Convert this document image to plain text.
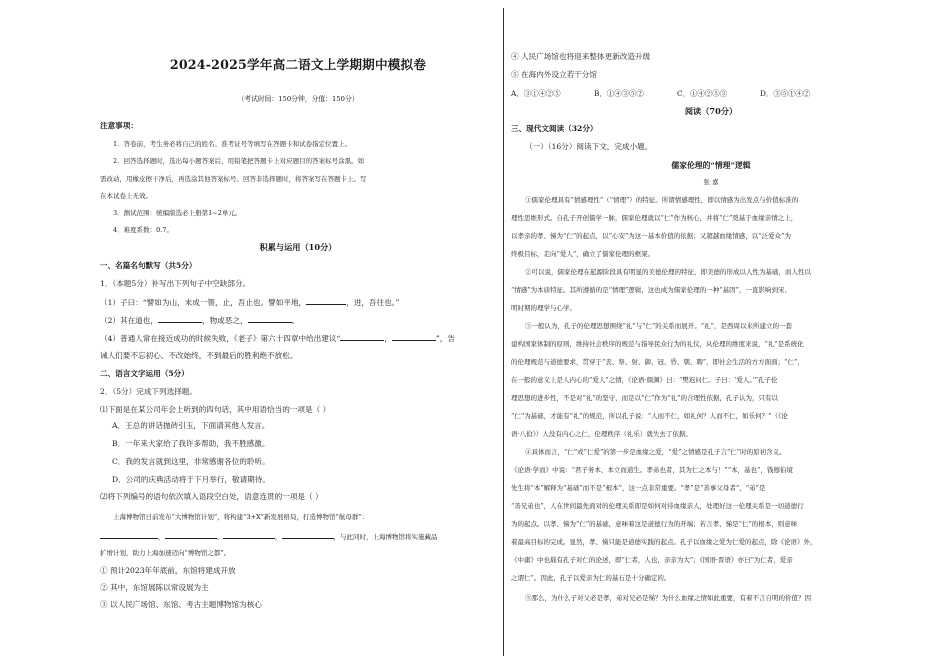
2024-2025学年高二语文上学期期中模拟卷
（考试时间：150分钟，分值：150分）
注意事项：
1．答卷前，考生务必将自己的姓名、准考证号等填写在答题卡和试卷指定位置上。
2．回答选择题时，选出每小题答案后，用铅笔把答题卡上对应题目的答案标号涂黑。如
需改动，用橡皮擦干净后，再选涂其他答案标号。回答非选择题时，将答案写在答题卡上。写
在本试卷上无效。
3．测试范围：统编版选必上册第1~2单元。
4．难度系数：0.7。
积累与运用（10分）
一、名篇名句默写（共5分）
1．（本题5分）补写出下列句子中空缺部分。
（1）子曰：“譬如为山，未成一篑，止，吾止也。譬如平地，	，进，吾往也。”
（2）其在道也，	，物或恶之，	。
（4）普通人常在接近成功的时候失败，《老子》第六十四章中给出建议“	，	”，告
诫人们要不忘初心、不改始终，不到最后的胜利绝不放松。
二、语言文字运用（5分）
2．（5分）完成下列选择题。
⑴下面是在某公司年会上听到的四句话，其中用语恰当的一项是（ ）
A．王总的讲话抛砖引玉，下面请其他人发言。
B．一年来大家给了我许多帮助，我不胜感激。
C．我的发言就到这里，非常感谢各位的聆听。
D．公司的庆典活动将于下月举行，敬请期待。
⑵将下列编号的语句依次填入语段空白处，语意连贯的一项是（ ）
上海博物馆日前发布“大博物馆计划”，将构建“3+X”新发展格局，打造博物馆“航母群”：
，	。	，	，与此同时，上海博物馆将实施藏品
扩增计划，助力上海加速迈向“博物馆之都”。
① 预计2023年年底前，东馆将建成开放
② 其中，东馆展陈以常设展为主
③ 以人民广场馆、东馆、考古主题博物馆为核心
④ 人民广场馆也将迎来整体更新改造升级
⑤ 在海内外设立若干分馆
A．③①④②⑤	B．①④③⑤②	C．①④②⑤③	D．③⑤①④②
阅读（70分）
三、现代文阅读（32分）
（一）（16分）阅读下文，完成小题。
儒家伦理的“情理”逻辑
张 嘉
①儒家伦理具有“情感理性”（“情理”）的特征。所谓情感理性，即以情感为出发点与价值标准的
理性思维形式。自孔子开创儒学一脉，儒家伦理就以“仁”作为核心，并将“仁”奠基于血缘亲情之上，
以孝亲的孝、悌为“仁”的起点，以“心安”为这一基本价值的依据；又超越血缘情感，以“泛爱众”为
终极目标，走向“爱人”，确立了儒家伦理的框架。
②可以说，儒家伦理在起源阶段具有明显的美德伦理的特征，即美德的形成以人性为基础，而人性以
“情感”为本质特征。其所遵循的是“情理”逻辑，这也成为儒家伦理的一种“基因”，一直影响到宋、
明时期的理学与心学。
③一般认为，孔子的伦理思想围绕“礼”与“仁”的关系而展开。“礼”，是西周以来所建立的一套
建构国家体制的原则，维持社会秩序的规范与指导民众行为的礼仪，从伦理的维度来说，“礼”是系统化
的伦理规范与道德要求，贯穿于“丧、祭、射、御、冠、昏、朝、聘”，即社会生活的方方面面；“仁”，
在一般的意义上是人内心的“爱人”之情，《论语·颜渊》曰：“樊迟问仁。子曰：‘爱人。’”孔子伦
理思想的进步性，不是对“礼”的坚守，而是以“仁”作为“礼”的合理性依据，孔子认为，只有以
“仁”为基础，才能有“礼”的规范，所以孔子说：“人而不仁，如礼何？人而不仁，如乐何？”（《论
语·八佾》）人没有内心之仁，伦理秩序（礼乐）就失去了依据。
④具体而言，“仁”或“仁爱”的第一步是血缘之爱，“爱”之情感是孔子言“仁”时的原初含义。
《论语·学而》中说：“君子务本，本立而道生。孝弟也者，其为仁之本与！”“本，基也”，钱穆伯境
先生将“本”解释为“基础”而不是“根本”，这一点非常重要。“孝”是“善事父母者”，“弟”是
“善兄弟也”，人在世间最先面对的伦理关系即是如何对待血缘亲人，处理好这一伦理关系是一切道德行
为的起点。以孝、悌为“仁”的基础，意味着这是道德行为的开端；若言孝、悌是“仁”的根本，则意味
着最高目标的完成。显然，孝、悌只能是道德实践的起点。孔子以血缘之爱为仁爱的起点，除《论语》外，
《中庸》中也载有孔子对仁的论述，即“仁者，人也，亲亲为大”；《国语·晋语》亦曰“为仁者，爱亲
之谓仁”。因此，孔子以爱亲为仁的基石是十分确定的。
⑤那么，为什么子对父必是孝，弟对兄必是悌？为什么血缘之情如此重要，有着不言自明的价值？因
